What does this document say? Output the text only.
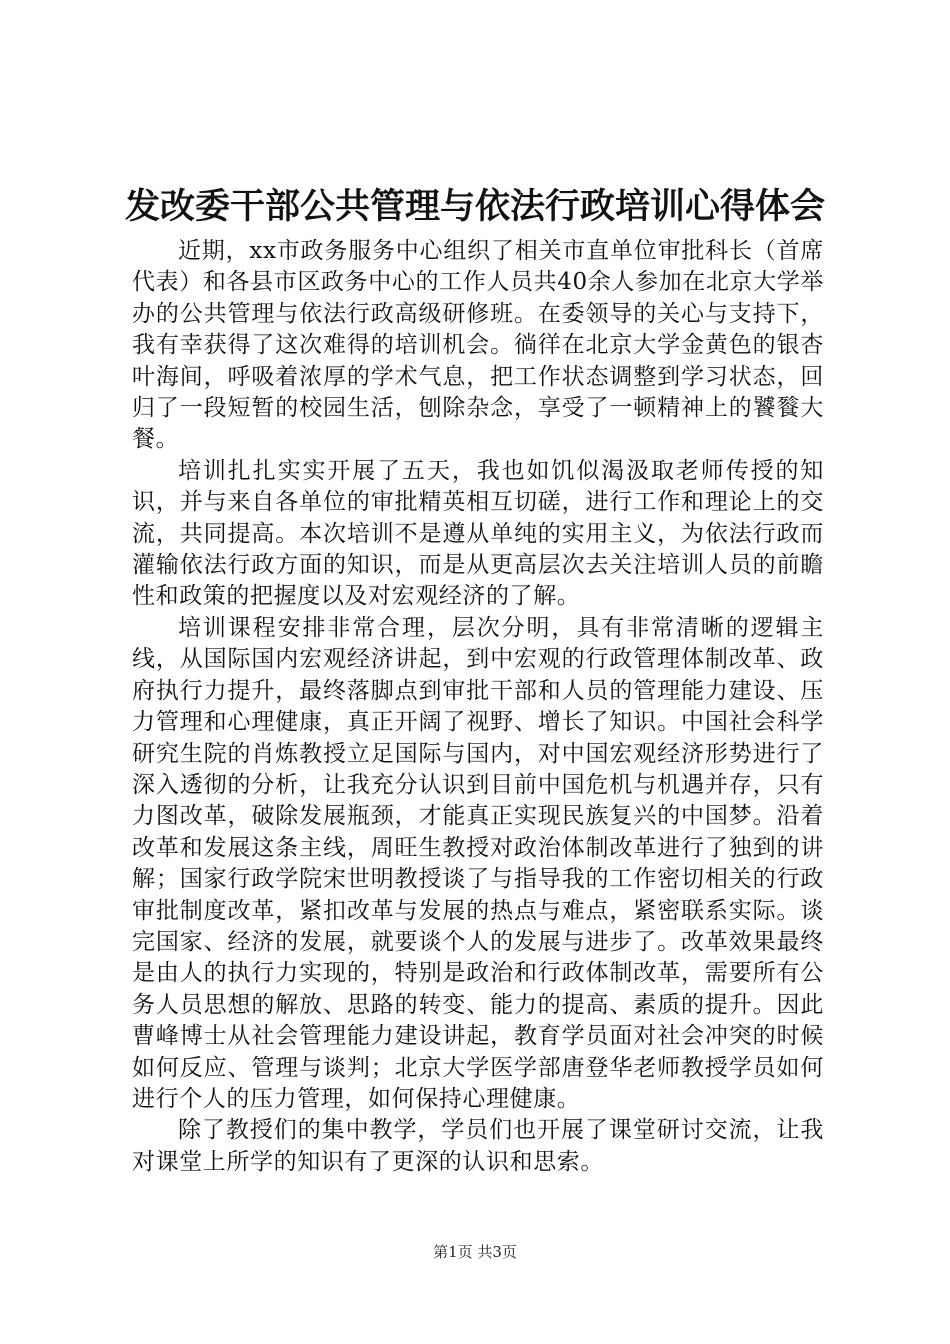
发改委干部公共管理与依法行政培训心得体会

近期，xx市政务服务中心组织了相关市直单位审批科长（首席代表）和各县市区政务中心的工作人员共40余人参加在北京大学举办的公共管理与依法行政高级研修班。在委领导的关心与支持下，我有幸获得了这次难得的培训机会。徜徉在北京大学金黄色的银杏叶海间，呼吸着浓厚的学术气息，把工作状态调整到学习状态，回归了一段短暂的校园生活，刨除杂念，享受了一顿精神上的饕餮大餐。

培训扎扎实实开展了五天，我也如饥似渴汲取老师传授的知识，并与来自各单位的审批精英相互切磋，进行工作和理论上的交流，共同提高。本次培训不是遵从单纯的实用主义，为依法行政而灌输依法行政方面的知识，而是从更高层次去关注培训人员的前瞻性和政策的把握度以及对宏观经济的了解。

培训课程安排非常合理，层次分明，具有非常清晰的逻辑主线，从国际国内宏观经济讲起，到中宏观的行政管理体制改革、政府执行力提升，最终落脚点到审批干部和人员的管理能力建设、压力管理和心理健康，真正开阔了视野、增长了知识。中国社会科学研究生院的肖炼教授立足国际与国内，对中国宏观经济形势进行了深入透彻的分析，让我充分认识到目前中国危机与机遇并存，只有力图改革，破除发展瓶颈，才能真正实现民族复兴的中国梦。沿着改革和发展这条主线，周旺生教授对政治体制改革进行了独到的讲解；国家行政学院宋世明教授谈了与指导我的工作密切相关的行政审批制度改革，紧扣改革与发展的热点与难点，紧密联系实际。谈完国家、经济的发展，就要谈个人的发展与进步了。改革效果最终是由人的执行力实现的，特别是政治和行政体制改革，需要所有公务人员思想的解放、思路的转变、能力的提高、素质的提升。因此曹峰博士从社会管理能力建设讲起，教育学员面对社会冲突的时候如何反应、管理与谈判；北京大学医学部唐登华老师教授学员如何进行个人的压力管理，如何保持心理健康。

除了教授们的集中教学，学员们也开展了课堂研讨交流，让我对课堂上所学的知识有了更深的认识和思索。

第1页 共3页
